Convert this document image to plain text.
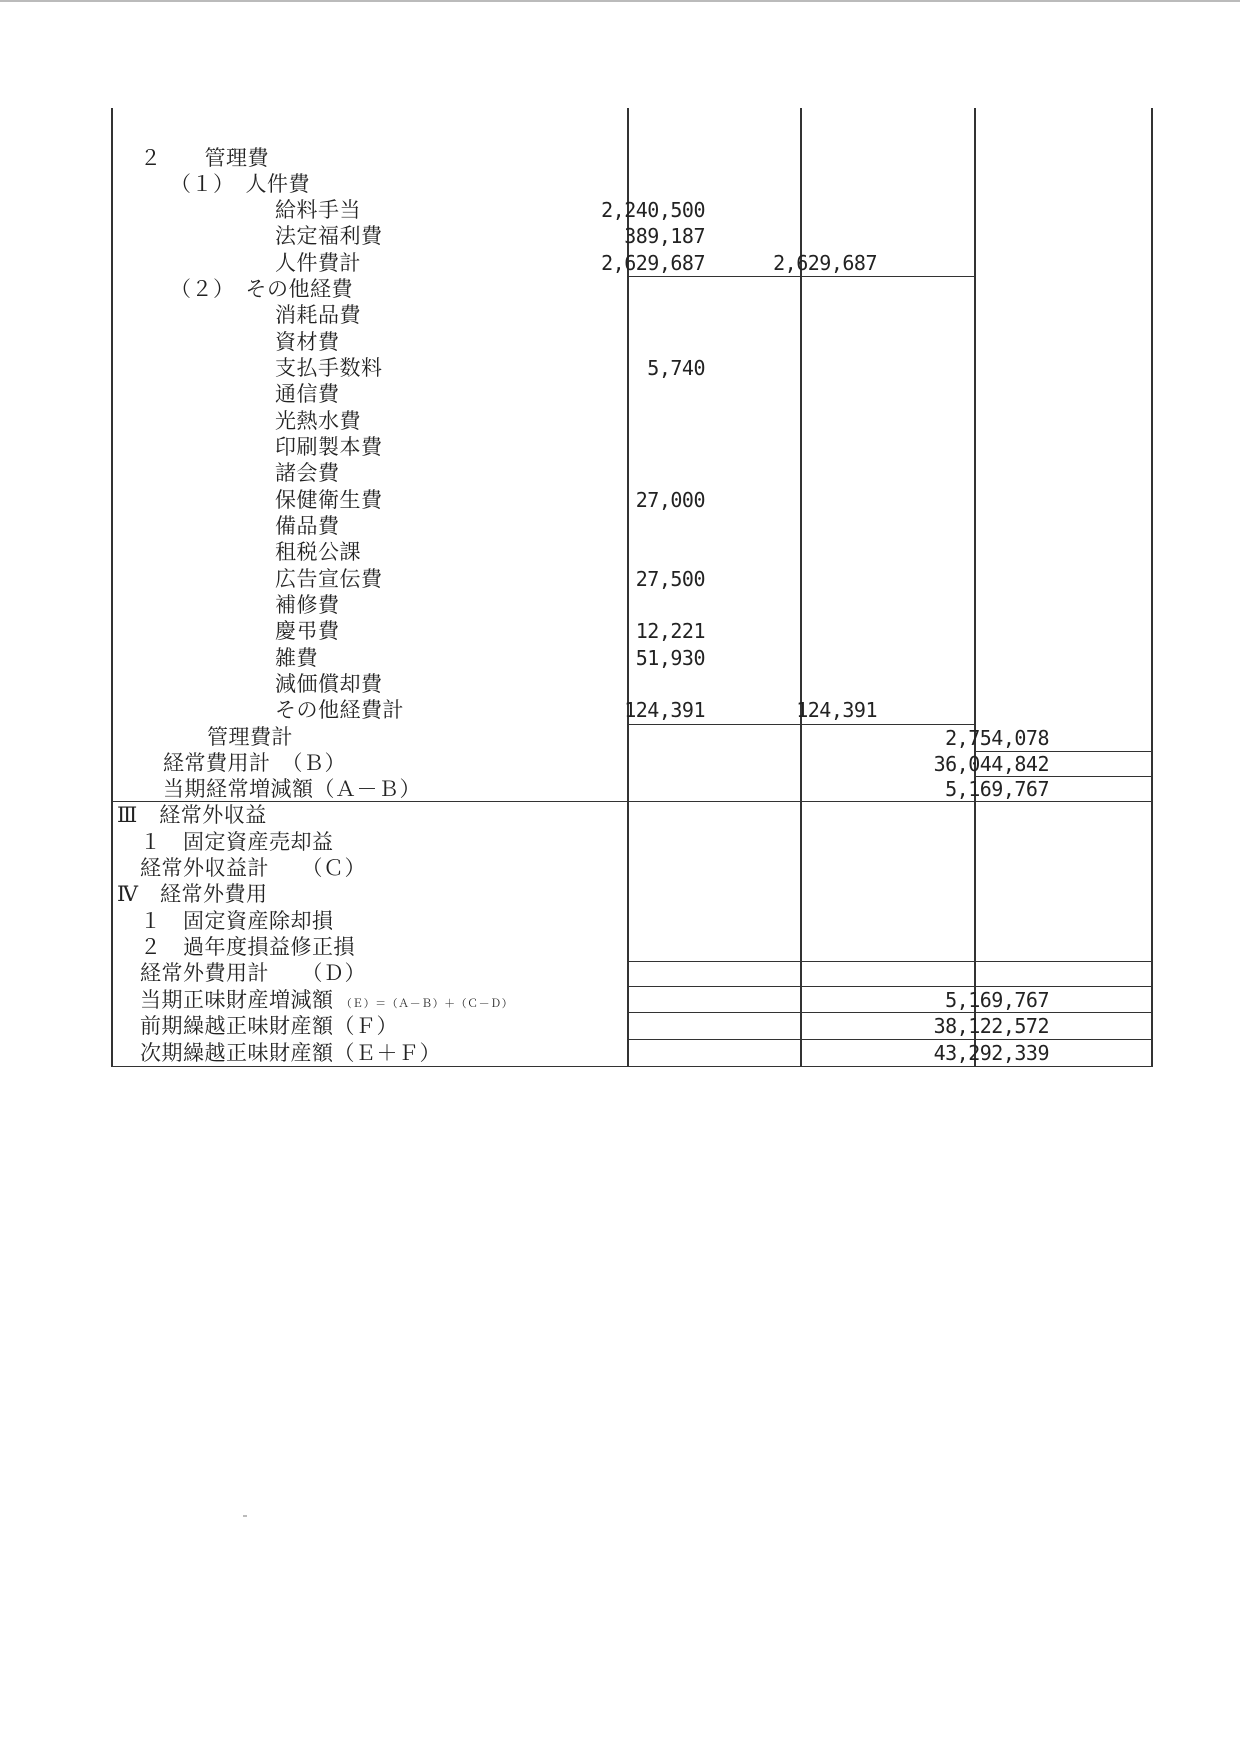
２　　管理費
（１）　人件費
給料手当
法定福利費
人件費計
（２）　その他経費
消耗品費
資材費
支払手数料
通信費
光熱水費
印刷製本費
諸会費
保健衛生費
備品費
租税公課
広告宣伝費
補修費
慶弔費
雑費
減価償却費
その他経費計
管理費計
経常費用計　（Ｂ）
当期経常増減額（Ａ－Ｂ）
Ⅲ　経常外収益
１　固定資産売却益
経常外収益計　　（Ｃ）
Ⅳ　経常外費用
１　固定資産除却損
２　過年度損益修正損
経常外費用計　　（Ｄ）
当期正味財産増減額 （Ｅ）＝（Ａ－Ｂ）＋（Ｃ－Ｄ）
前期繰越正味財産額（Ｆ）
次期繰越正味財産額（Ｅ＋Ｆ）
2,240,500
389,187
2,629,687
5,740
27,000
27,500
12,221
51,930
124,391
2,629,687
124,391
2,754,078
36,044,842
5,169,767
5,169,767
38,122,572
43,292,339
